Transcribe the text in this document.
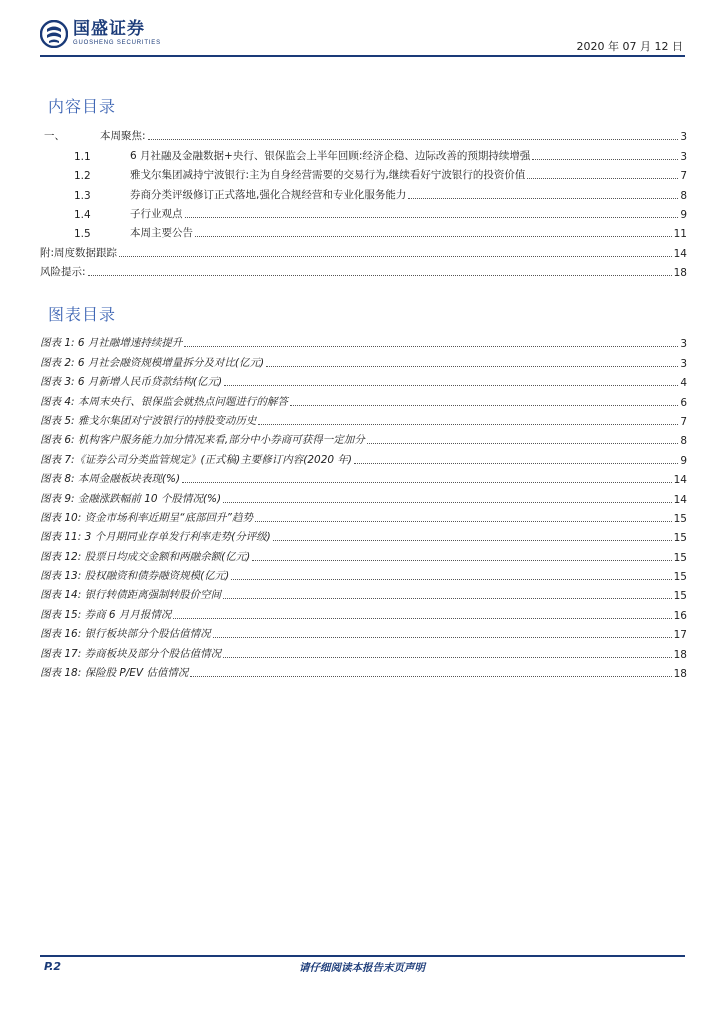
国盛证券
GUOSHENG SECURITIES	2020 年 07 月 12 日
内容目录
一、	本周聚焦:	3
1.1	6 月社融及金融数据+央行、银保监会上半年回顾:经济企稳、边际改善的预期持续增强	3
1.2	雅戈尔集团减持宁波银行:主为自身经营需要的交易行为,继续看好宁波银行的投资价值	7
1.3	券商分类评级修订正式落地,强化合规经营和专业化服务能力	8
1.4	子行业观点	9
1.5	本周主要公告	11
附:周度数据跟踪	14
风险提示:	18
图表目录
图表 1: 6 月社融增速持续提升	3
图表 2: 6 月社会融资规模增量拆分及对比(亿元)	3
图表 3: 6 月新增人民币贷款结构(亿元)	4
图表 4: 本周末央行、银保监会就热点问题进行的解答	6
图表 5: 雅戈尔集团对宁波银行的持股变动历史	7
图表 6: 机构客户服务能力加分情况来看,部分中小券商可获得一定加分	8
图表 7:《证券公司分类监管规定》(正式稿)主要修订内容(2020 年)	9
图表 8: 本周金融板块表现(%)	14
图表 9: 金融涨跌幅前 10 个股情况(%)	14
图表 10: 资金市场利率近期呈“底部回升”趋势	15
图表 11: 3 个月期同业存单发行利率走势(分评级)	15
图表 12: 股票日均成交金额和两融余额(亿元)	15
图表 13: 股权融资和债券融资规模(亿元)	15
图表 14: 银行转债距离强制转股价空间	15
图表 15: 券商 6 月月报情况	16
图表 16: 银行板块部分个股估值情况	17
图表 17: 券商板块及部分个股估值情况	18
图表 18: 保险股 P/EV 估值情况	18
P.2	请仔细阅读本报告末页声明
